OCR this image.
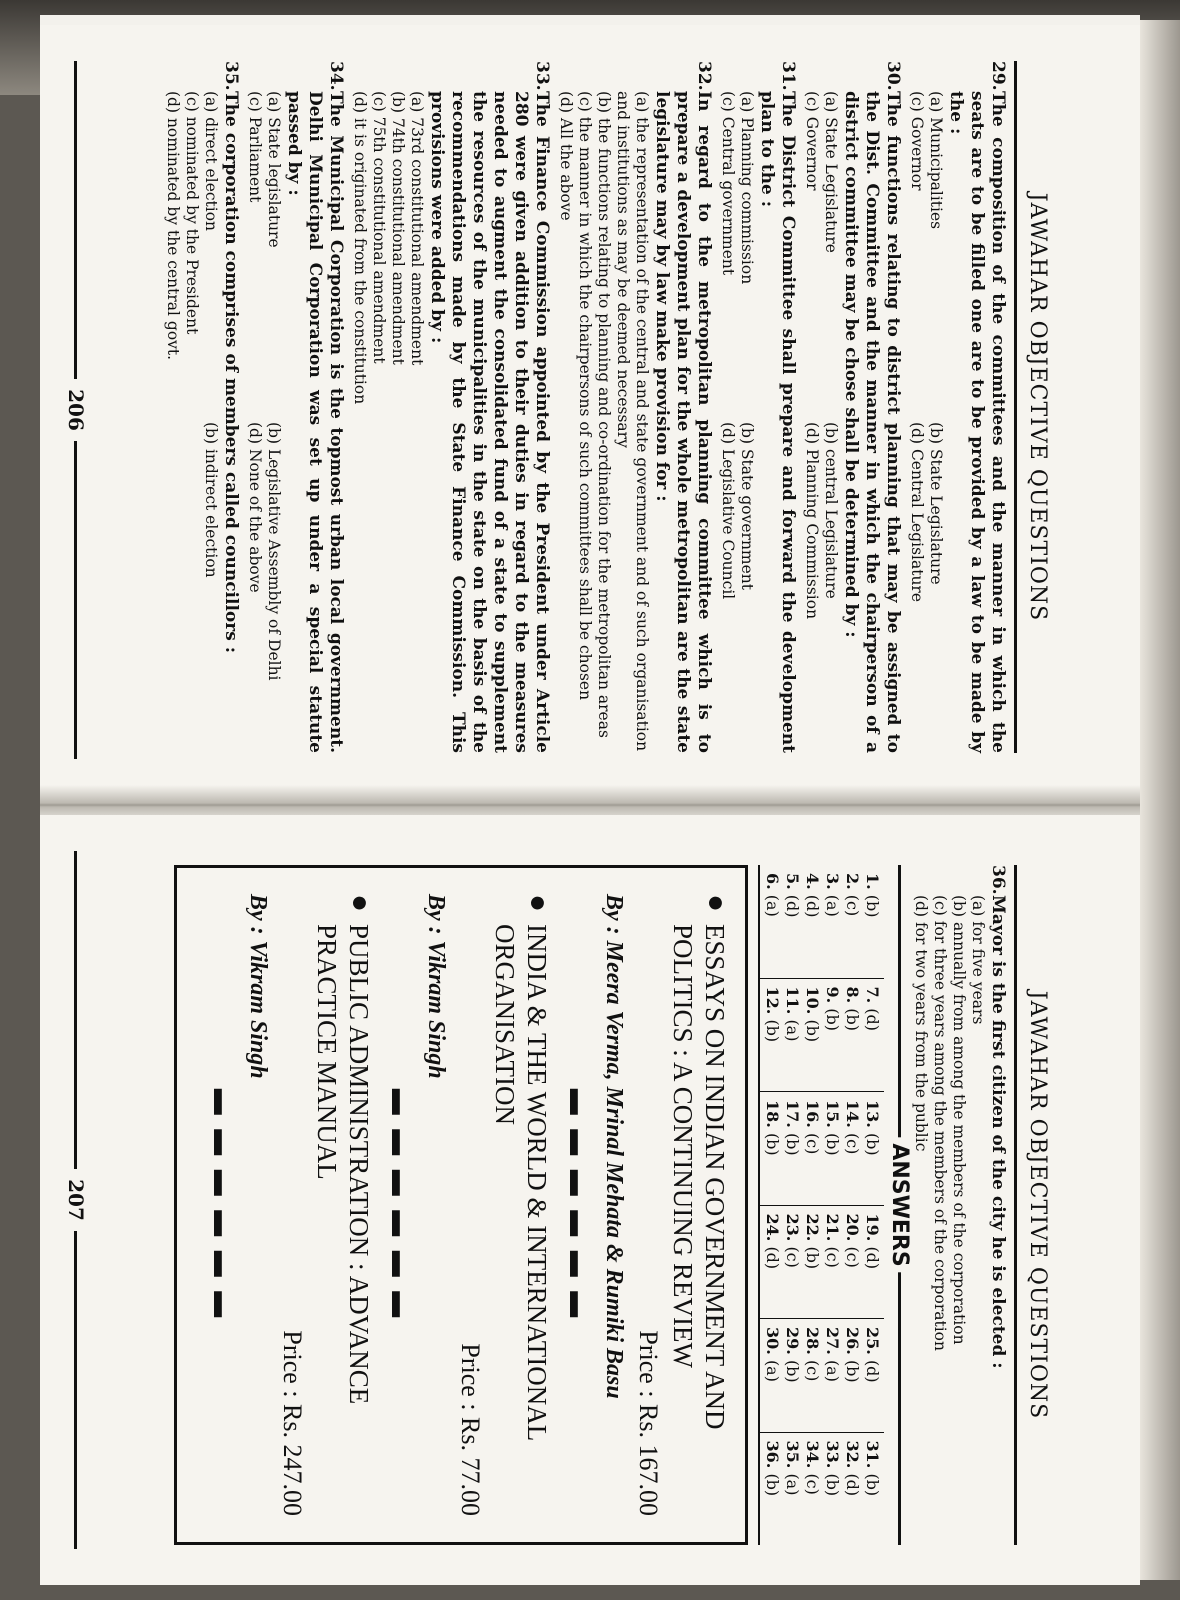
JAWAHAR OBJECTIVE QUESTIONS
29.
The composition of the committees and the manner in which the seats are to be filled one are to be provided by a law to be made by the :
(a) Municipalities
(b) State Legislature
(c) Governor
(d) Central Legislature
30.
The functions relating to district planning that may be assigned to the Dist. Committee and the manner in which the chairperson of a district committee may be chose shall be determined by :
(a) State Legislature
(b) central Legislature
(c) Governor
(d) Planning Commission
31.
The District Committee shall prepare and forward the development plan to the :
(a) Planning commission
(b) State government
(c) Central government
(d) Legislative Council
32.
In regard to the metropolitan planning committee which is to prepare a development plan for the whole metropolitan are the state legislature may by law make provision for :
(a) the representation of the central and state government and of such organisation and institutions as may be deemed necessary
(b) the functions relating to planning and co-ordination for the metropolitan areas
(c) the manner in which the chairpersons of such committees shall be chosen
(d) All the above
33.
The Finance Commission appointed by the President under Article 280 were given addition to their duties in regard to the measures needed to augment the consolidated fund of a state to supplement the resources of the municipalities in the state on the basis of the recommendations made by the State Finance Commission. This provisions were added by :
(a) 73rd constitutional amendment
(b) 74th constitutional amendment
(c) 75th constitutional amendment
(d) it is originated from the constitution
34.
The Municipal Corporation is the topmost urban local government. Delhi Municipal Corporation was set up under a special statute passed by :
(a) State legislature
(b) Legislative Assembly of Delhi
(c) Parliament
(d) None of the above
35.
The corporation comprises of members called councillors :
(a) direct election
(b) indirect election
(c) nominated by the President
(d) nominated by the central govt.
206
JAWAHAR OBJECTIVE QUESTIONS
36.
Mayor is the first citizen of the city he is elected :
(a) for five years
(b) annually from among the members of the corporation
(c) for three years among the members of the corporation
(d) for two years from the public
ANSWERS
1. (b)
2. (c)
3. (a)
4. (d)
5. (d)
6. (a)
7. (d)
8. (b)
9. (b)
10. (b)
11. (a)
12. (b)
13. (b)
14. (c)
15. (b)
16. (c)
17. (b)
18. (b)
19. (d)
20. (c)
21. (c)
22. (b)
23. (c)
24. (d)
25. (d)
26. (b)
27. (a)
28. (c)
29. (b)
30. (a)
31. (b)
32. (d)
33. (b)
34. (c)
35. (a)
36. (b)
●
ESSAYS ON INDIAN GOVERNMENT AND POLITICS : A CONTINUING REVIEW
Price : Rs. 167.00
By : Meera Verma, Mrinal Mehata & Rumiki Basu
▬ ▬ ▬ ▬ ▬ ▬
●
INDIA & THE WORLD & INTERNATIONAL ORGANISATION
Price : Rs. 77.00
By : Vikram Singh
▬ ▬ ▬ ▬ ▬ ▬
●
PUBLIC ADMINISTRATION : ADVANCE PRACTICE MANUAL
Price : Rs. 247.00
By : Vikram Singh
▬ ▬ ▬ ▬ ▬ ▬
207
